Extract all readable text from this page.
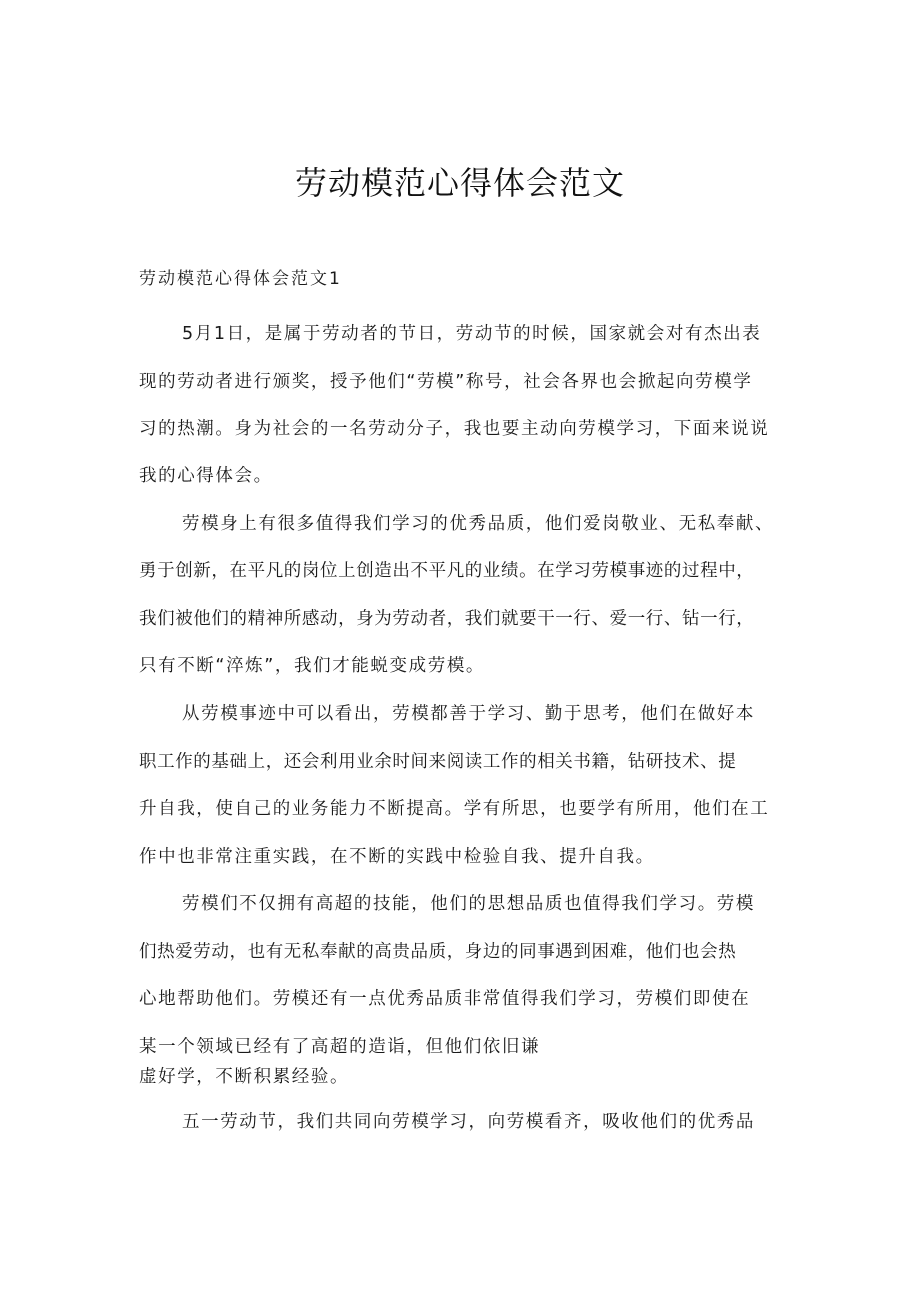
劳动模范心得体会范文
劳动模范心得体会范文1
5月1日，是属于劳动者的节日，劳动节的时候，国家就会对有杰出表
现的劳动者进行颁奖，授予他们“劳模”称号，社会各界也会掀起向劳模学
习的热潮。身为社会的一名劳动分子，我也要主动向劳模学习，下面来说说
我的心得体会。
劳模身上有很多值得我们学习的优秀品质，他们爱岗敬业、无私奉献、
勇于创新，在平凡的岗位上创造出不平凡的业绩。在学习劳模事迹的过程中，
我们被他们的精神所感动，身为劳动者，我们就要干一行、爱一行、钻一行，
只有不断“淬炼”，我们才能蜕变成劳模。
从劳模事迹中可以看出，劳模都善于学习、勤于思考，他们在做好本
职工作的基础上，还会利用业余时间来阅读工作的相关书籍，钻研技术、提
升自我，使自己的业务能力不断提高。学有所思，也要学有所用，他们在工
作中也非常注重实践，在不断的实践中检验自我、提升自我。
劳模们不仅拥有高超的技能，他们的思想品质也值得我们学习。劳模
们热爱劳动，也有无私奉献的高贵品质，身边的同事遇到困难，他们也会热
心地帮助他们。劳模还有一点优秀品质非常值得我们学习，劳模们即使在
某一个领域已经有了高超的造诣，但他们依旧谦
虚好学，不断积累经验。
五一劳动节，我们共同向劳模学习，向劳模看齐，吸收他们的优秀品
